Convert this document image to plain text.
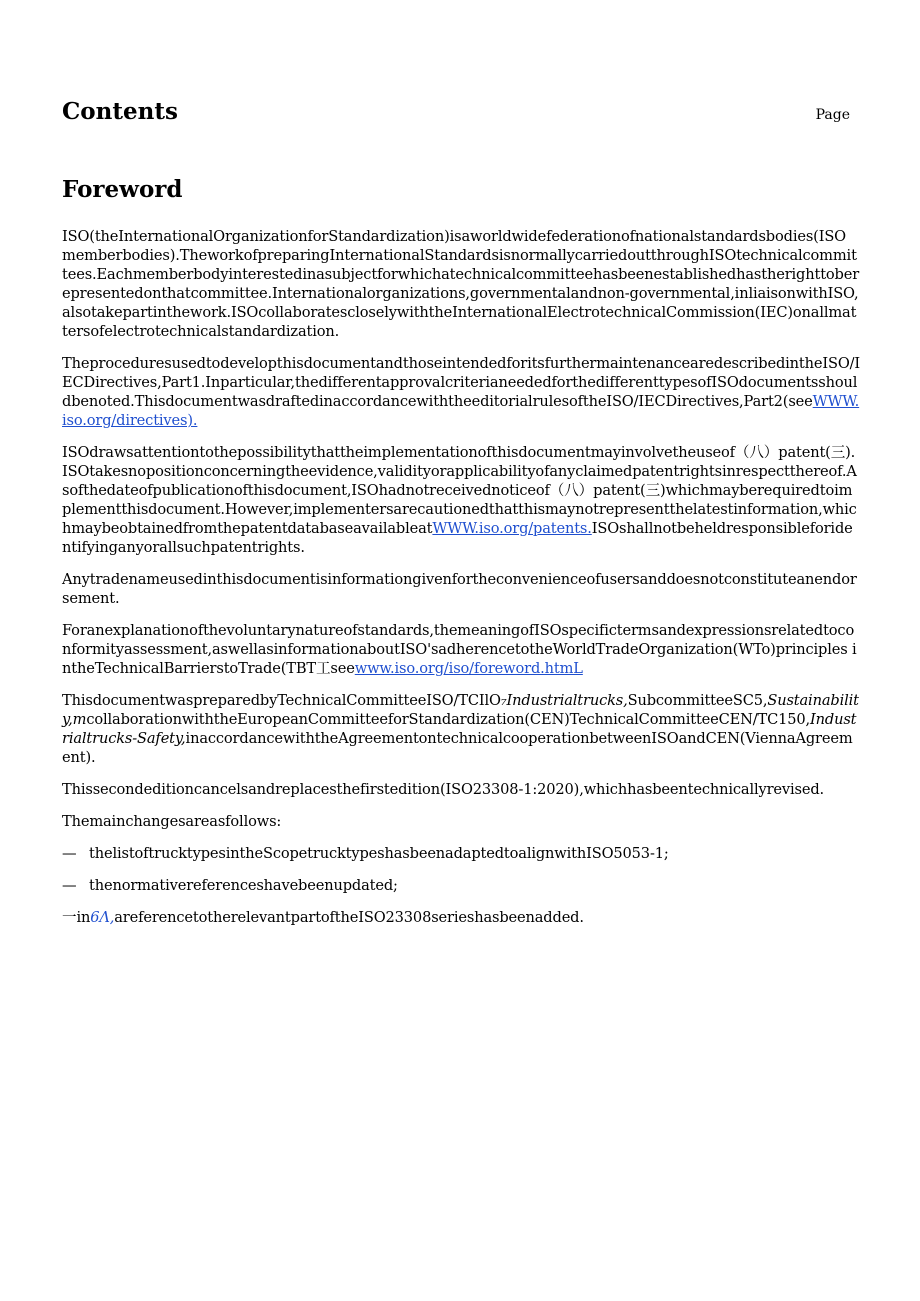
Contents	Page
Foreword

ISO(theInternationalOrganizationforStandardization)isaworldwidefederationofnationalstandardsbodies(ISO memberbodies).TheworkofpreparingInternationalStandardsisnormallycarriedoutthroughISOtechnicalcommittees.Eachmemberbodyinterestedinasubjectforwhichatechnicalcommitteehasbeenestablishedhastherighttoberepresentedonthatcommittee.Internationalorganizations,governmentalandnon-governmental,inliaisonwithISO,alsotakepartinthework.ISOcollaboratescloselywiththeInternationalElectrotechnicalCommission(IEC)onallmattersofelectrotechnicalstandardization.

TheproceduresusedtodevelopthisdocumentandthoseintendedforitsfurthermaintenancearedescribedintheISO/IECDirectives,Part1.Inparticular,thedifferentapprovalcriterianeededforthedifferenttypesofISOdocumentsshouldbenoted.ThisdocumentwasdraftedinaccordancewiththeeditorialrulesoftheISO/IECDirectives,Part2(seeWWW.iso.org/directives).

ISOdrawsattentiontothepossibilitythattheimplementationofthisdocumentmayinvolvetheuseof（八）patent(三).ISOtakesnopositionconcerningtheevidence,validityorapplicabilityofanyclaimedpatentrightsinrespectthereof.Asofthedateofpublicationofthisdocument,ISOhadnotreceivednoticeof（八）patent(三)whichmayberequiredtoimplementthisdocument.However,implementersarecautionedthatthismaynotrepresentthelatestinformation,whichmaybeobtainedfromthepatentdatabaseavailableatWWW.iso.org/patents.ISOshallnotbeheldresponsibleforidentifyinganyorallsuchpatentrights.

Anytradenameusedinthisdocumentisinformationgivenfortheconvenienceofusersanddoesnotconstituteanendorsement.

Foranexplanationofthevoluntarynatureofstandards,themeaningofISOspecifictermsandexpressionsrelatedtoconformityassessment,aswellasinformationaboutISO'sadherencetotheWorldTradeOrganization(WTo)principles intheTechnicalBarrierstoTrade(TBT工seewww.iso.org/iso/foreword.htmL

ThisdocumentwaspreparedbyTechnicalCommitteeISO/TCIlO₇Industrialtrucks,SubcommitteeSC5,Sustainability,mcollaborationwiththeEuropeanCommitteeforStandardization(CEN)TechnicalCommitteeCEN/TC150,Industrialtrucks-Safety,inaccordancewiththeAgreementontechnicalcooperationbetweenISOandCEN(ViennaAgreement).

Thissecondeditioncancelsandreplacesthefirstedition(ISO23308-1:2020),whichhasbeentechnicallyrevised.

Themainchangesareasfollows:

— thelistoftrucktypesintheScopetrucktypeshasbeenadaptedtoalignwithISO5053-1;

— thenormativereferenceshavebeenupdated;

一in6Λ,areferencetotherelevantpartoftheISO23308serieshasbeenadded.
